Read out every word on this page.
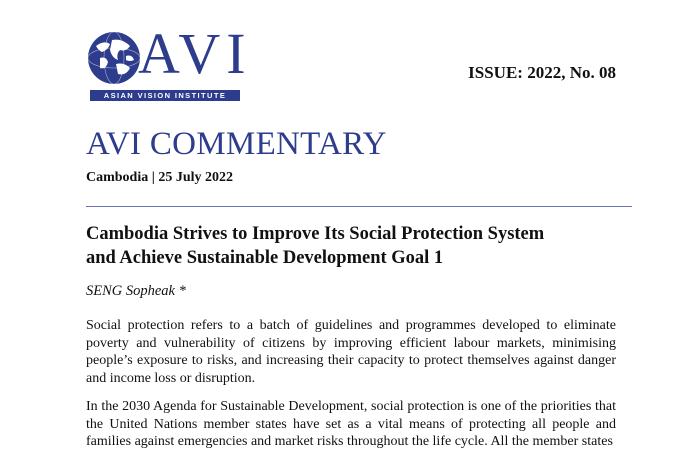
AVI
ASIAN VISION INSTITUTE
ISSUE: 2022, No. 08
AVI COMMENTARY
Cambodia | 25 July 2022
Cambodia Strives to Improve Its Social Protection System
and Achieve Sustainable Development Goal 1
SENG Sopheak *

Social protection refers to a batch of guidelines and programmes developed to eliminate poverty and vulnerability of citizens by improving efficient labour markets, minimising people’s exposure to risks, and increasing their capacity to protect themselves against danger and income loss or disruption.

In the 2030 Agenda for Sustainable Development, social protection is one of the priorities that the United Nations member states have set as a vital means of protecting all people and families against emergencies and market risks throughout the life cycle. All the member states
